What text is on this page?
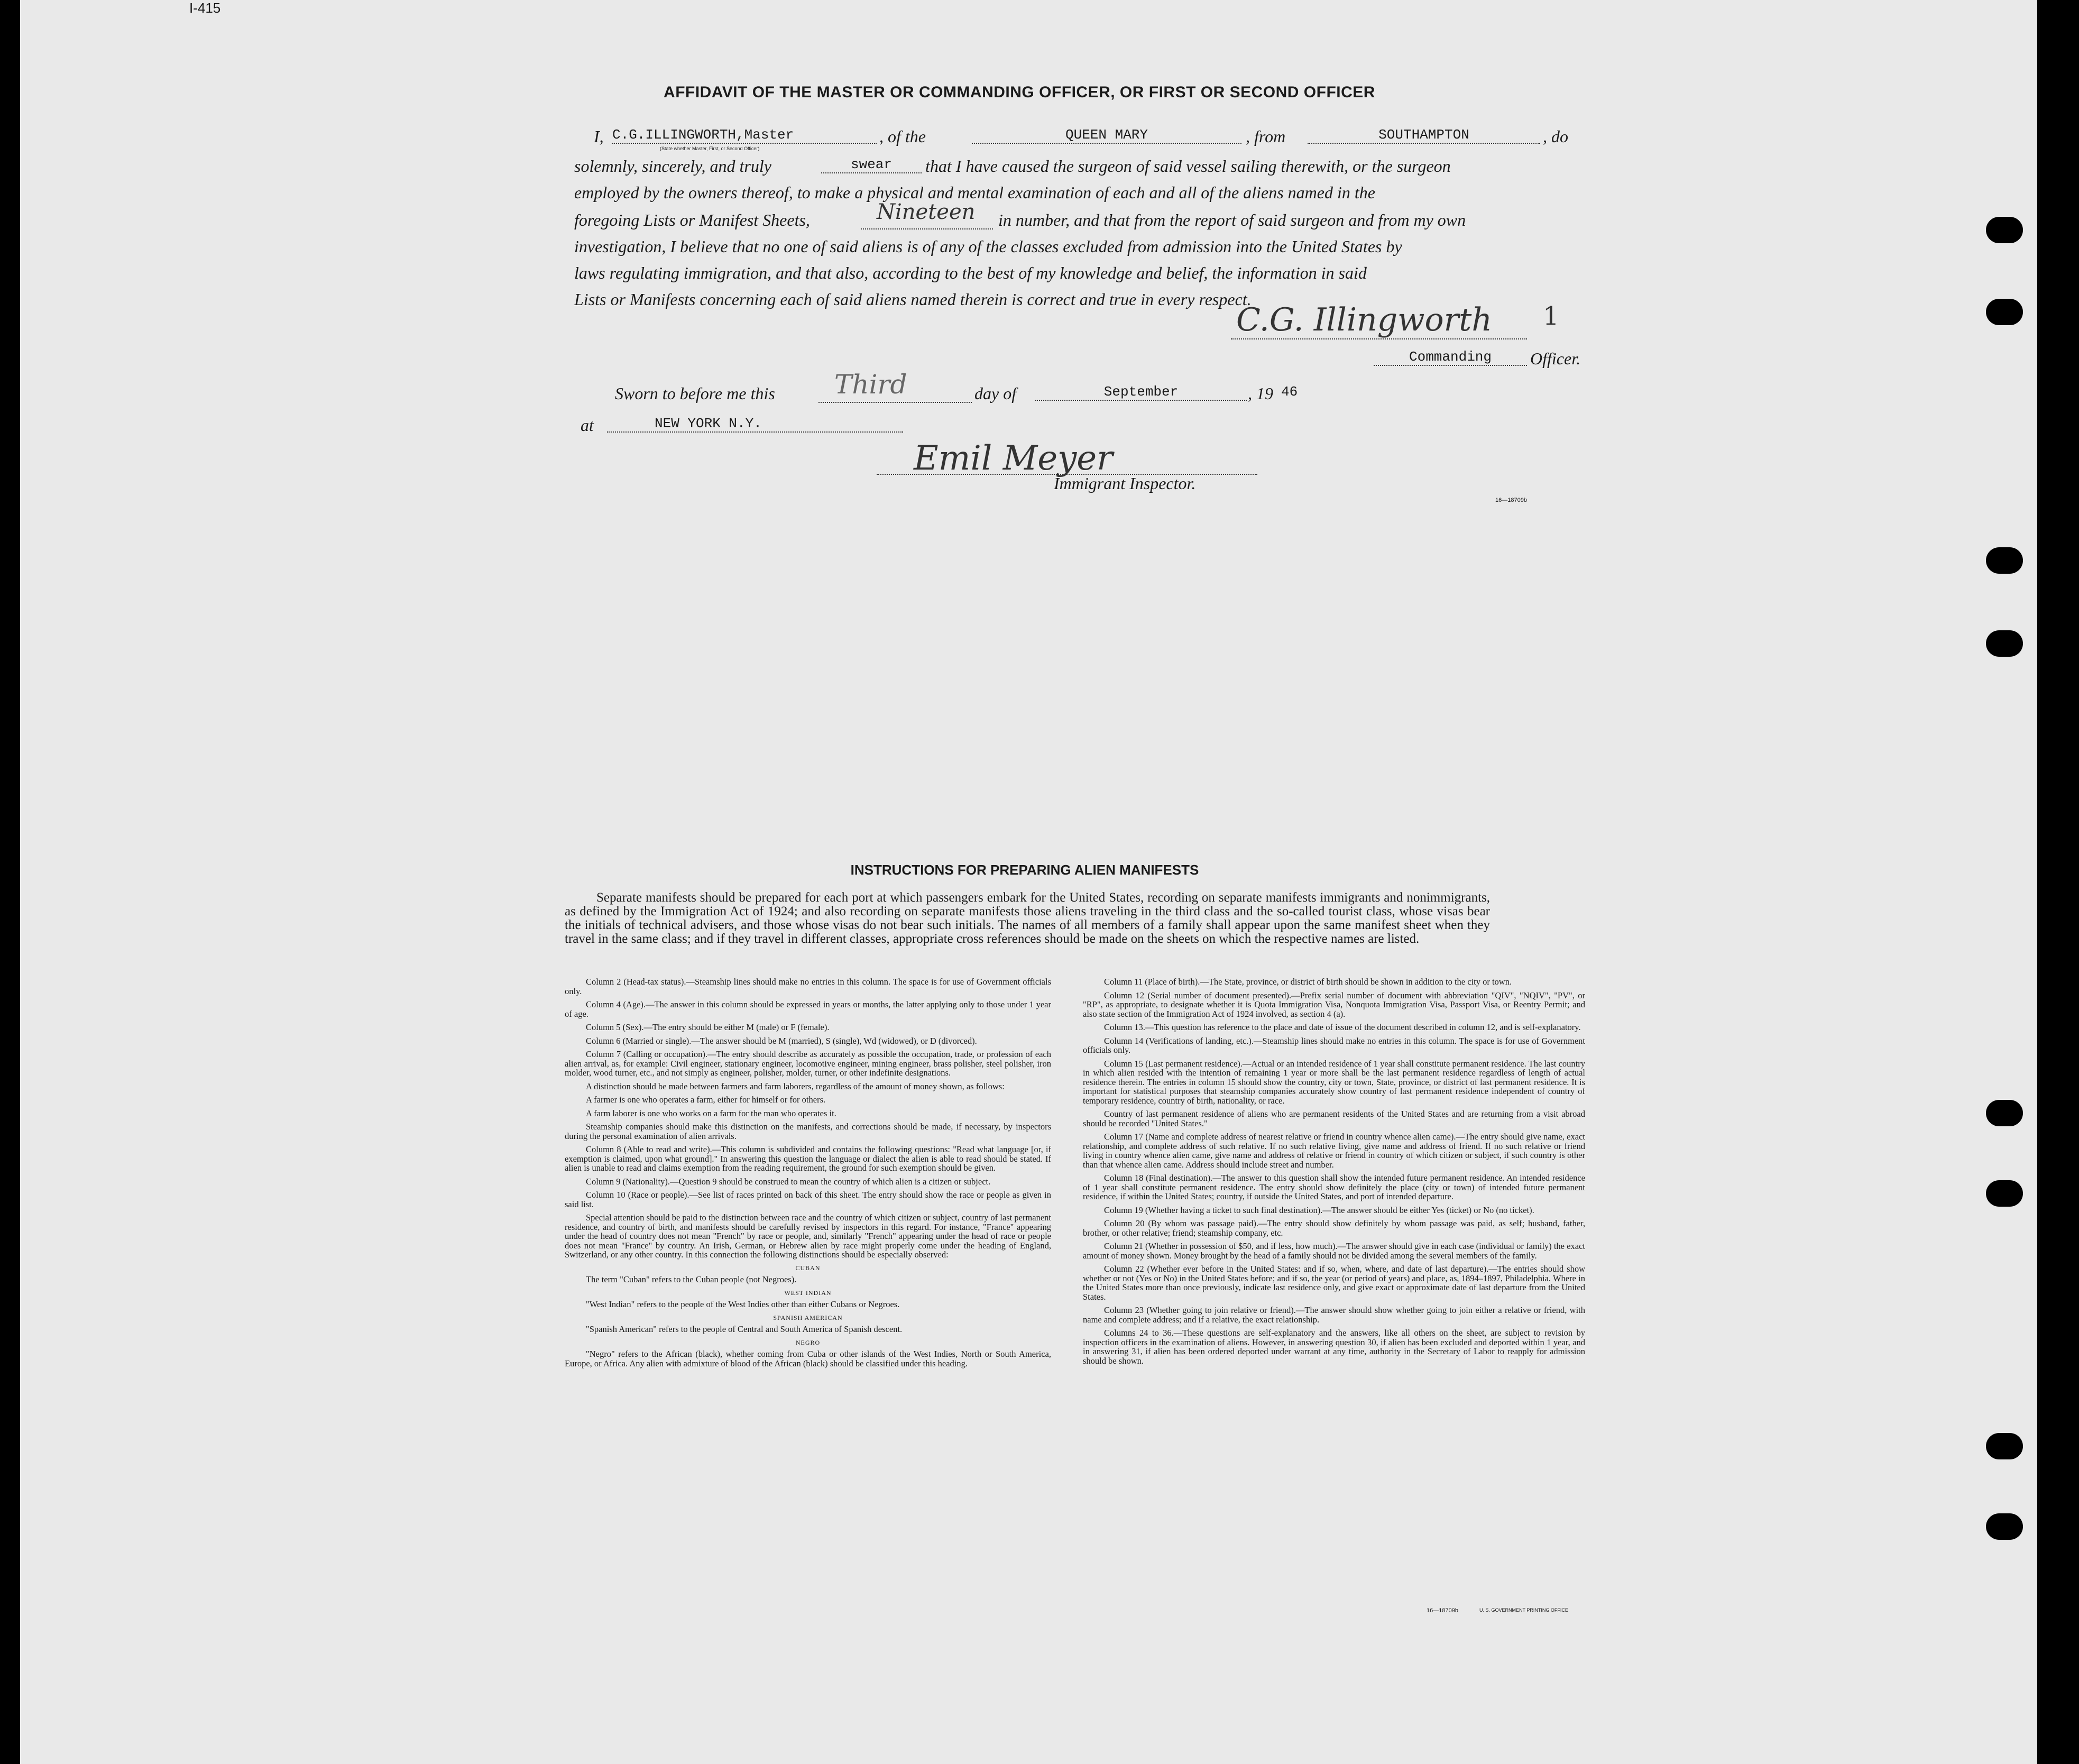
I-415
AFFIDAVIT OF THE MASTER OR COMMANDING OFFICER, OR FIRST OR SECOND OFFICER
I, C.G.ILLINGWORTH,Master
(State whether Master, First, or Second Officer)
, of the	QUEEN MARY	, from	SOUTHAMPTON	, do
solemnly, sincerely, and truly	swear	that I have caused the surgeon of said vessel sailing therewith, or the surgeon
employed by the owners thereof, to make a physical and mental examination of each and all of the aliens named in the
foregoing Lists or Manifest Sheets,	Nineteen in number, and that from the report of said surgeon and from my own
investigation, I believe that no one of said aliens is of any of the classes excluded from admission into the United States by
laws regulating immigration, and that also, according to the best of my knowledge and belief, the information in said
Lists or Manifests concerning each of said aliens named therein is correct and true in every respect.
C.G. Illingworth 1
Commanding	Officer.
Sworn to before me this Third	day of	September	, 19 46
at	NEW YORK N.Y.
Emil Meyer
Immigrant Inspector.
16—18709b
INSTRUCTIONS FOR PREPARING ALIEN MANIFESTS
Separate manifests should be prepared for each port at which passengers embark for the United States, recording on separate manifests immigrants and nonimmigrants, as defined by the Immigration Act of 1924; and also recording on separate manifests those aliens traveling in the third class and the so-called tourist class, whose visas bear the initials of technical advisers, and those whose visas do not bear such initials. The names of all members of a family shall appear upon the same manifest sheet when they travel in the same class; and if they travel in different classes, appropriate cross references should be made on the sheets on which the respective names are listed.

Column 2 (Head-tax status).—Steamship lines should make no entries in this column. The space is for use of Government officials only.

Column 4 (Age).—The answer in this column should be expressed in years or months, the latter applying only to those under 1 year of age.

Column 5 (Sex).—The entry should be either M (male) or F (female).

Column 6 (Married or single).—The answer should be M (married), S (single), Wd (widowed), or D (divorced).

Column 7 (Calling or occupation).—The entry should describe as accurately as possible the occupation, trade, or profession of each alien arrival, as, for example: Civil engineer, stationary engineer, locomotive engineer, mining engineer, brass polisher, steel polisher, iron molder, wood turner, etc., and not simply as engineer, polisher, molder, turner, or other indefinite designations.

A distinction should be made between farmers and farm laborers, regardless of the amount of money shown, as follows:

A farmer is one who operates a farm, either for himself or for others.

A farm laborer is one who works on a farm for the man who operates it.

Steamship companies should make this distinction on the manifests, and corrections should be made, if necessary, by inspectors during the personal examination of alien arrivals.

Column 8 (Able to read and write).—This column is subdivided and contains the following questions: "Read what language [or, if exemption is claimed, upon what ground]." In answering this question the language or dialect the alien is able to read should be stated. If alien is unable to read and claims exemption from the reading requirement, the ground for such exemption should be given.

Column 9 (Nationality).—Question 9 should be construed to mean the country of which alien is a citizen or subject.

Column 10 (Race or people).—See list of races printed on back of this sheet. The entry should show the race or people as given in said list.

Special attention should be paid to the distinction between race and the country of which citizen or subject, country of last permanent residence, and country of birth, and manifests should be carefully revised by inspectors in this regard. For instance, "France" appearing under the head of country does not mean "French" by race or people, and, similarly "French" appearing under the head of race or people does not mean "France" by country. An Irish, German, or Hebrew alien by race might properly come under the heading of England, Switzerland, or any other country. In this connection the following distinctions should be especially observed:

CUBAN

The term "Cuban" refers to the Cuban people (not Negroes).

WEST INDIAN

"West Indian" refers to the people of the West Indies other than either Cubans or Negroes.

SPANISH AMERICAN

"Spanish American" refers to the people of Central and South America of Spanish descent.

NEGRO

"Negro" refers to the African (black), whether coming from Cuba or other islands of the West Indies, North or South America, Europe, or Africa. Any alien with admixture of blood of the African (black) should be classified under this heading.

Column 11 (Place of birth).—The State, province, or district of birth should be shown in addition to the city or town.

Column 12 (Serial number of document presented).—Prefix serial number of document with abbreviation "QIV", "NQIV", "PV", or "RP", as appropriate, to designate whether it is Quota Immigration Visa, Nonquota Immigration Visa, Passport Visa, or Reentry Permit; and also state section of the Immigration Act of 1924 involved, as section 4 (a).

Column 13.—This question has reference to the place and date of issue of the document described in column 12, and is self-explanatory.

Column 14 (Verifications of landing, etc.).—Steamship lines should make no entries in this column. The space is for use of Government officials only.

Column 15 (Last permanent residence).—Actual or an intended residence of 1 year shall constitute permanent residence. The last country in which alien resided with the intention of remaining 1 year or more shall be the last permanent residence regardless of length of actual residence therein. The entries in column 15 should show the country, city or town, State, province, or district of last permanent residence. It is important for statistical purposes that steamship companies accurately show country of last permanent residence independent of country of temporary residence, country of birth, nationality, or race.

Country of last permanent residence of aliens who are permanent residents of the United States and are returning from a visit abroad should be recorded "United States."

Column 17 (Name and complete address of nearest relative or friend in country whence alien came).—The entry should give name, exact relationship, and complete address of such relative. If no such relative living, give name and address of friend. If no such relative or friend living in country whence alien came, give name and address of relative or friend in country of which citizen or subject, if such country is other than that whence alien came. Address should include street and number.

Column 18 (Final destination).—The answer to this question shall show the intended future permanent residence. An intended residence of 1 year shall constitute permanent residence. The entry should show definitely the place (city or town) of intended future permanent residence, if within the United States; country, if outside the United States, and port of intended departure.

Column 19 (Whether having a ticket to such final destination).—The answer should be either Yes (ticket) or No (no ticket).

Column 20 (By whom was passage paid).—The entry should show definitely by whom passage was paid, as self; husband, father, brother, or other relative; friend; steamship company, etc.

Column 21 (Whether in possession of $50, and if less, how much).—The answer should give in each case (individual or family) the exact amount of money shown. Money brought by the head of a family should not be divided among the several members of the family.

Column 22 (Whether ever before in the United States: and if so, when, where, and date of last departure).—The entries should show whether or not (Yes or No) in the United States before; and if so, the year (or period of years) and place, as, 1894–1897, Philadelphia. Where in the United States more than once previously, indicate last residence only, and give exact or approximate date of last departure from the United States.

Column 23 (Whether going to join relative or friend).—The answer should show whether going to join either a relative or friend, with name and complete address; and if a relative, the exact relationship.

Columns 24 to 36.—These questions are self-explanatory and the answers, like all others on the sheet, are subject to revision by inspection officers in the examination of aliens. However, in answering question 30, if alien has been excluded and deported within 1 year, and in answering 31, if alien has been ordered deported under warrant at any time, authority in the Secretary of Labor to reapply for admission should be shown.

16—18709b	U. S. GOVERNMENT PRINTING OFFICE
